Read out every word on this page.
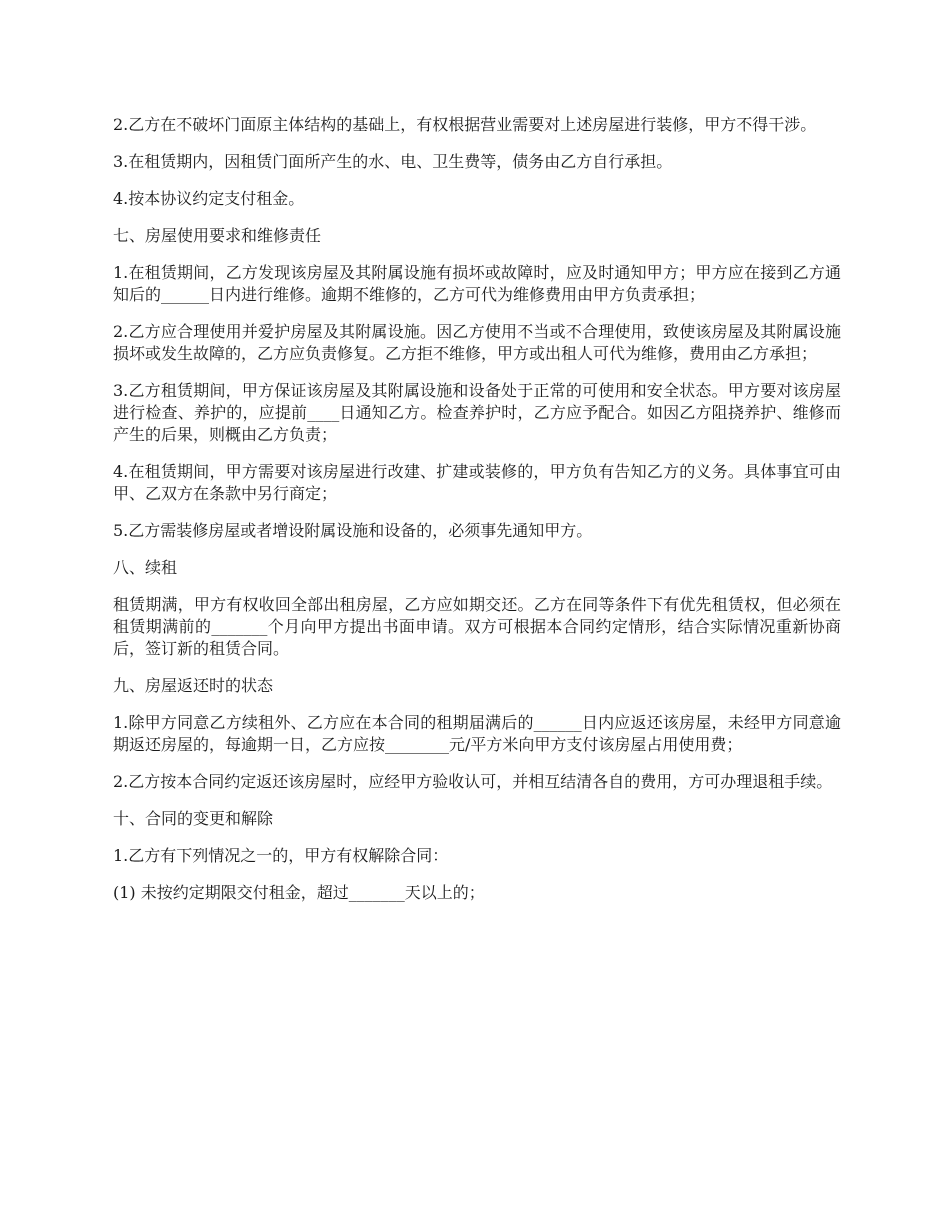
2.乙方在不破坏门面原主体结构的基础上，有权根据营业需要对上述房屋进行装修，甲方不得干涉。

3.在租赁期内，因租赁门面所产生的水、电、卫生费等，债务由乙方自行承担。

4.按本协议约定支付租金。

七、房屋使用要求和维修责任

1.在租赁期间，乙方发现该房屋及其附属设施有损坏或故障时，应及时通知甲方；甲方应在接到乙方通知后的______日内进行维修。逾期不维修的，乙方可代为维修费用由甲方负责承担；

2.乙方应合理使用并爱护房屋及其附属设施。因乙方使用不当或不合理使用，致使该房屋及其附属设施损坏或发生故障的，乙方应负责修复。乙方拒不维修，甲方或出租人可代为维修，费用由乙方承担；

3.乙方租赁期间，甲方保证该房屋及其附属设施和设备处于正常的可使用和安全状态。甲方要对该房屋进行检查、养护的，应提前____日通知乙方。检查养护时，乙方应予配合。如因乙方阻挠养护、维修而产生的后果，则概由乙方负责；

4.在租赁期间，甲方需要对该房屋进行改建、扩建或装修的，甲方负有告知乙方的义务。具体事宜可由甲、乙双方在条款中另行商定；

5.乙方需装修房屋或者增设附属设施和设备的，必须事先通知甲方。

八、续租

租赁期满，甲方有权收回全部出租房屋，乙方应如期交还。乙方在同等条件下有优先租赁权，但必须在租赁期满前的_______个月向甲方提出书面申请。双方可根据本合同约定情形，结合实际情况重新协商后，签订新的租赁合同。

九、房屋返还时的状态

1.除甲方同意乙方续租外、乙方应在本合同的租期届满后的______日内应返还该房屋，未经甲方同意逾期返还房屋的，每逾期一日，乙方应按________元/平方米向甲方支付该房屋占用使用费；

2.乙方按本合同约定返还该房屋时，应经甲方验收认可，并相互结清各自的费用，方可办理退租手续。

十、合同的变更和解除

1.乙方有下列情况之一的，甲方有权解除合同：

(1) 未按约定期限交付租金，超过_______天以上的；
